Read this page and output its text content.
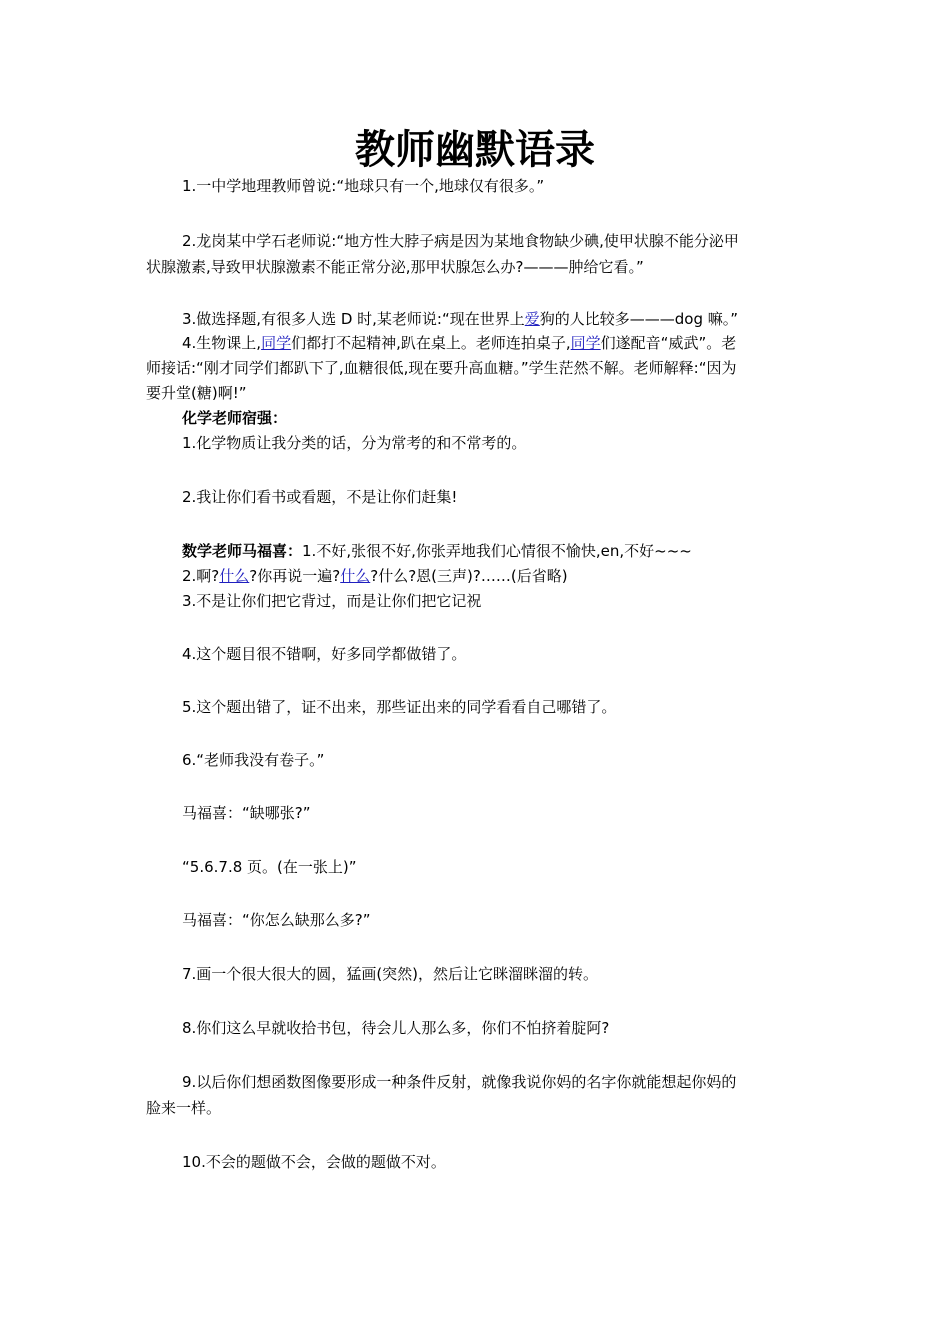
教师幽默语录
1.一中学地理教师曾说:“地球只有一个,地球仅有很多。”
2.龙岗某中学石老师说:“地方性大脖子病是因为某地食物缺少碘,使甲状腺不能分泌甲
状腺激素,导致甲状腺激素不能正常分泌,那甲状腺怎么办?———肿给它看。”
3.做选择题,有很多人选 D 时,某老师说:“现在世界上爱狗的人比较多———dog 嘛。”
4.生物课上,同学们都打不起精神,趴在桌上。老师连拍桌子,同学们遂配音“威武”。老
师接话:“刚才同学们都趴下了,血糖很低,现在要升高血糖。”学生茫然不解。老师解释:“因为
要升堂(糖)啊!”
化学老师宿强：
1.化学物质让我分类的话，分为常考的和不常考的。
2.我让你们看书或看题，不是让你们赶集!
数学老师马福喜：1.不好,张很不好,你张弄地我们心情很不愉快,en,不好~~~
2.啊?什么?你再说一遍?什么?什么?恩(三声)?……(后省略)
3.不是让你们把它背过，而是让你们把它记祝
4.这个题目很不错啊，好多同学都做错了。
5.这个题出错了，证不出来，那些证出来的同学看看自己哪错了。
6.“老师我没有卷子。”
马福喜：“缺哪张?”
“5.6.7.8 页。(在一张上)”
马福喜：“你怎么缺那么多?”
7.画一个很大很大的圆，猛画(突然)，然后让它眯溜眯溜的转。
8.你们这么早就收拾书包，待会儿人那么多，你们不怕挤着腚阿?
9.以后你们想函数图像要形成一种条件反射，就像我说你妈的名字你就能想起你妈的
脸来一样。
10.不会的题做不会，会做的题做不对。
